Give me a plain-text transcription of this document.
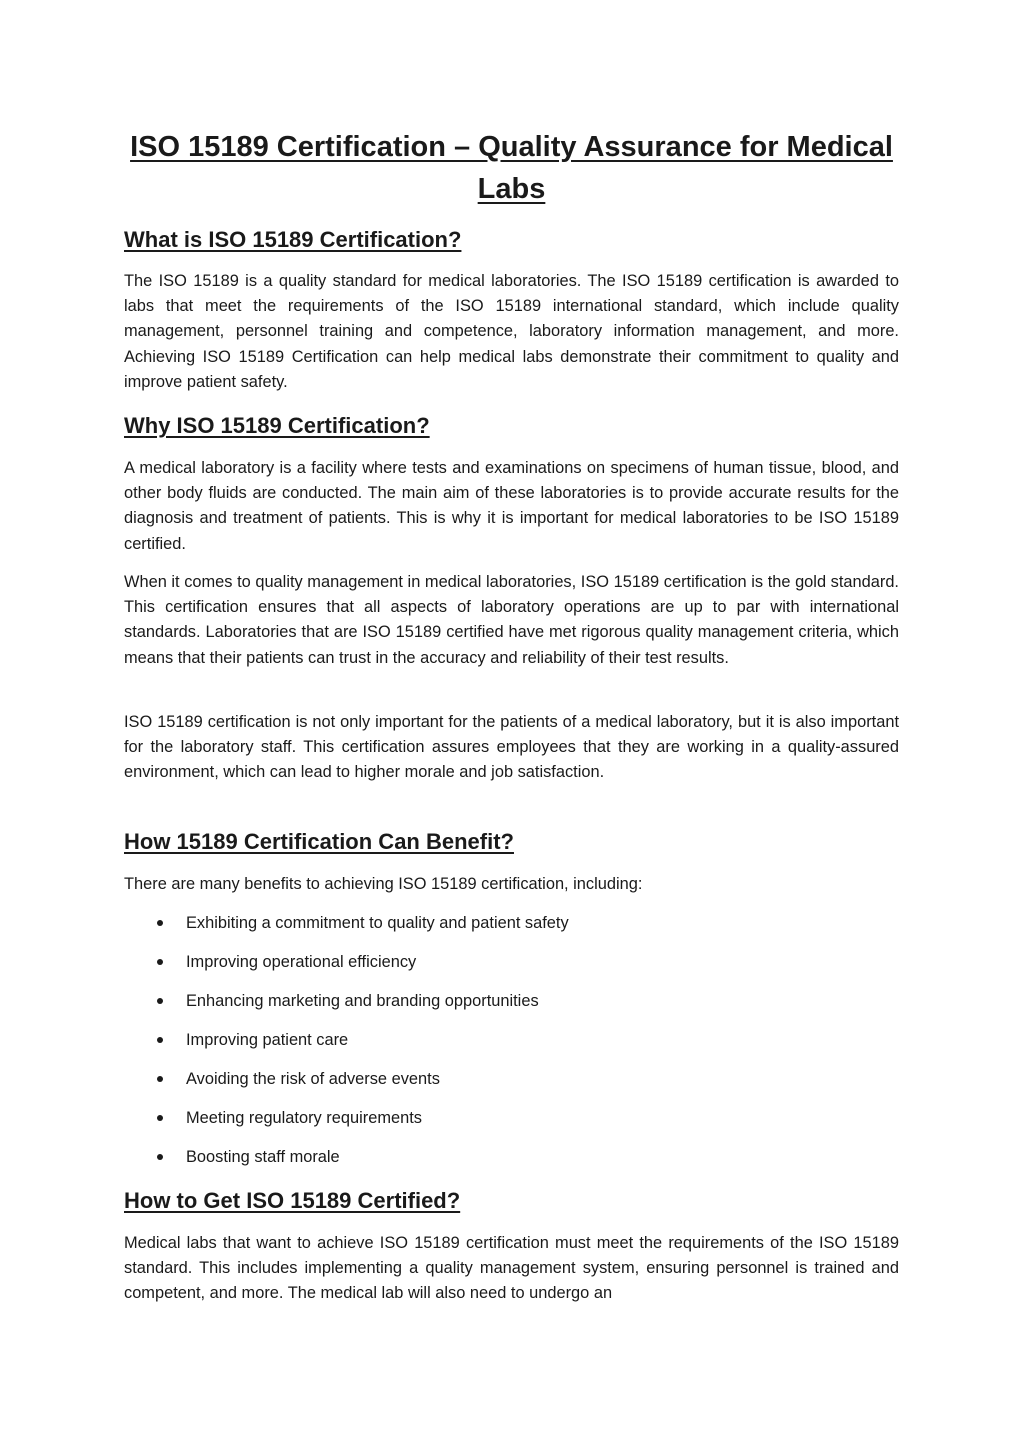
ISO 15189 Certification – Quality Assurance for Medical Labs
What is ISO 15189 Certification?

The ISO 15189 is a quality standard for medical laboratories. The ISO 15189 certification is awarded to labs that meet the requirements of the ISO 15189 international standard, which include quality management, personnel training and competence, laboratory information management, and more. Achieving ISO 15189 Certification can help medical labs demonstrate their commitment to quality and improve patient safety.

Why ISO 15189 Certification?

A medical laboratory is a facility where tests and examinations on specimens of human tissue, blood, and other body fluids are conducted. The main aim of these laboratories is to provide accurate results for the diagnosis and treatment of patients. This is why it is important for medical laboratories to be ISO 15189 certified.

When it comes to quality management in medical laboratories, ISO 15189 certification is the gold standard. This certification ensures that all aspects of laboratory operations are up to par with international standards. Laboratories that are ISO 15189 certified have met rigorous quality management criteria, which means that their patients can trust in the accuracy and reliability of their test results.

ISO 15189 certification is not only important for the patients of a medical laboratory, but it is also important for the laboratory staff. This certification assures employees that they are working in a quality-assured environment, which can lead to higher morale and job satisfaction.

How 15189 Certification Can Benefit?

There are many benefits to achieving ISO 15189 certification, including:

Exhibiting a commitment to quality and patient safety
Improving operational efficiency
Enhancing marketing and branding opportunities
Improving patient care
Avoiding the risk of adverse events
Meeting regulatory requirements
Boosting staff morale
How to Get ISO 15189 Certified?

Medical labs that want to achieve ISO 15189 certification must meet the requirements of the ISO 15189 standard. This includes implementing a quality management system, ensuring personnel is trained and competent, and more. The medical lab will also need to undergo an
